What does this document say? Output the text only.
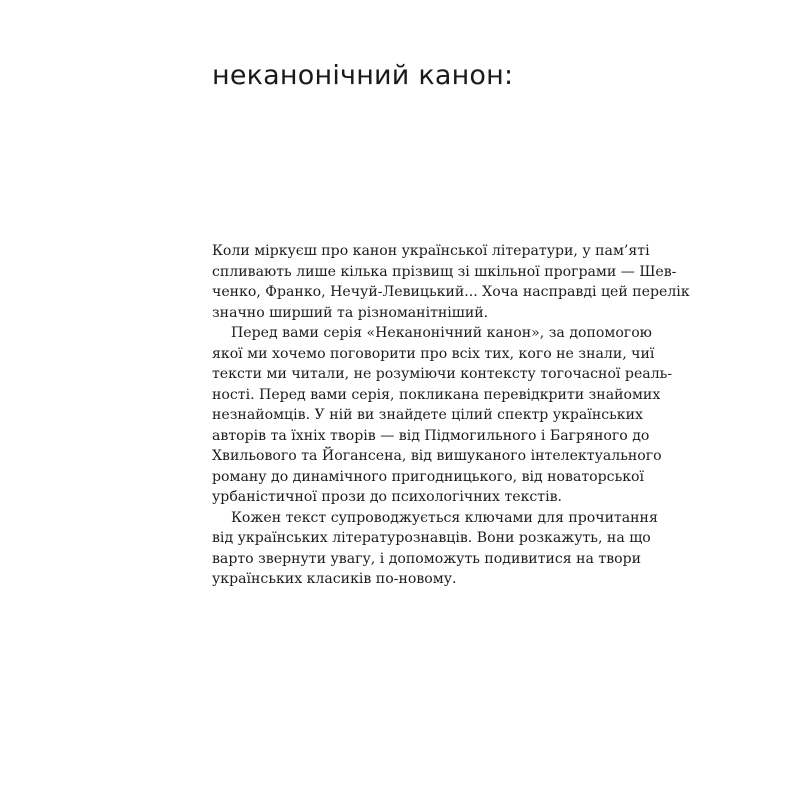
неканонічний канон:

Коли міркуєш про канон української літератури, у пам’яті
спливають лише кілька прізвищ зі шкільної програми — Шев-
ченко, Франко, Нечуй-Левицький... Хоча насправді цей перелік
значно ширший та різноманітніший.

Перед вами серія «Неканонічний канон», за допомогою
якої ми хочемо поговорити про всіх тих, кого не знали, чиї
тексти ми читали, не розуміючи контексту тогочасної реаль-
ності. Перед вами серія, покликана перевідкрити знайомих
незнайомців. У ній ви знайдете цілий спектр українських
авторів та їхніх творів — від Підмогильного і Багряного до
Хвильового та Йогансена, від вишуканого інтелектуального
роману до динамічного пригодницького, від новаторської
урбаністичної прози до психологічних текстів.

Кожен текст супроводжується ключами для прочитання
від українських літературознавців. Вони розкажуть, на що
варто звернути увагу, і допоможуть подивитися на твори
українських класиків по-новому.
